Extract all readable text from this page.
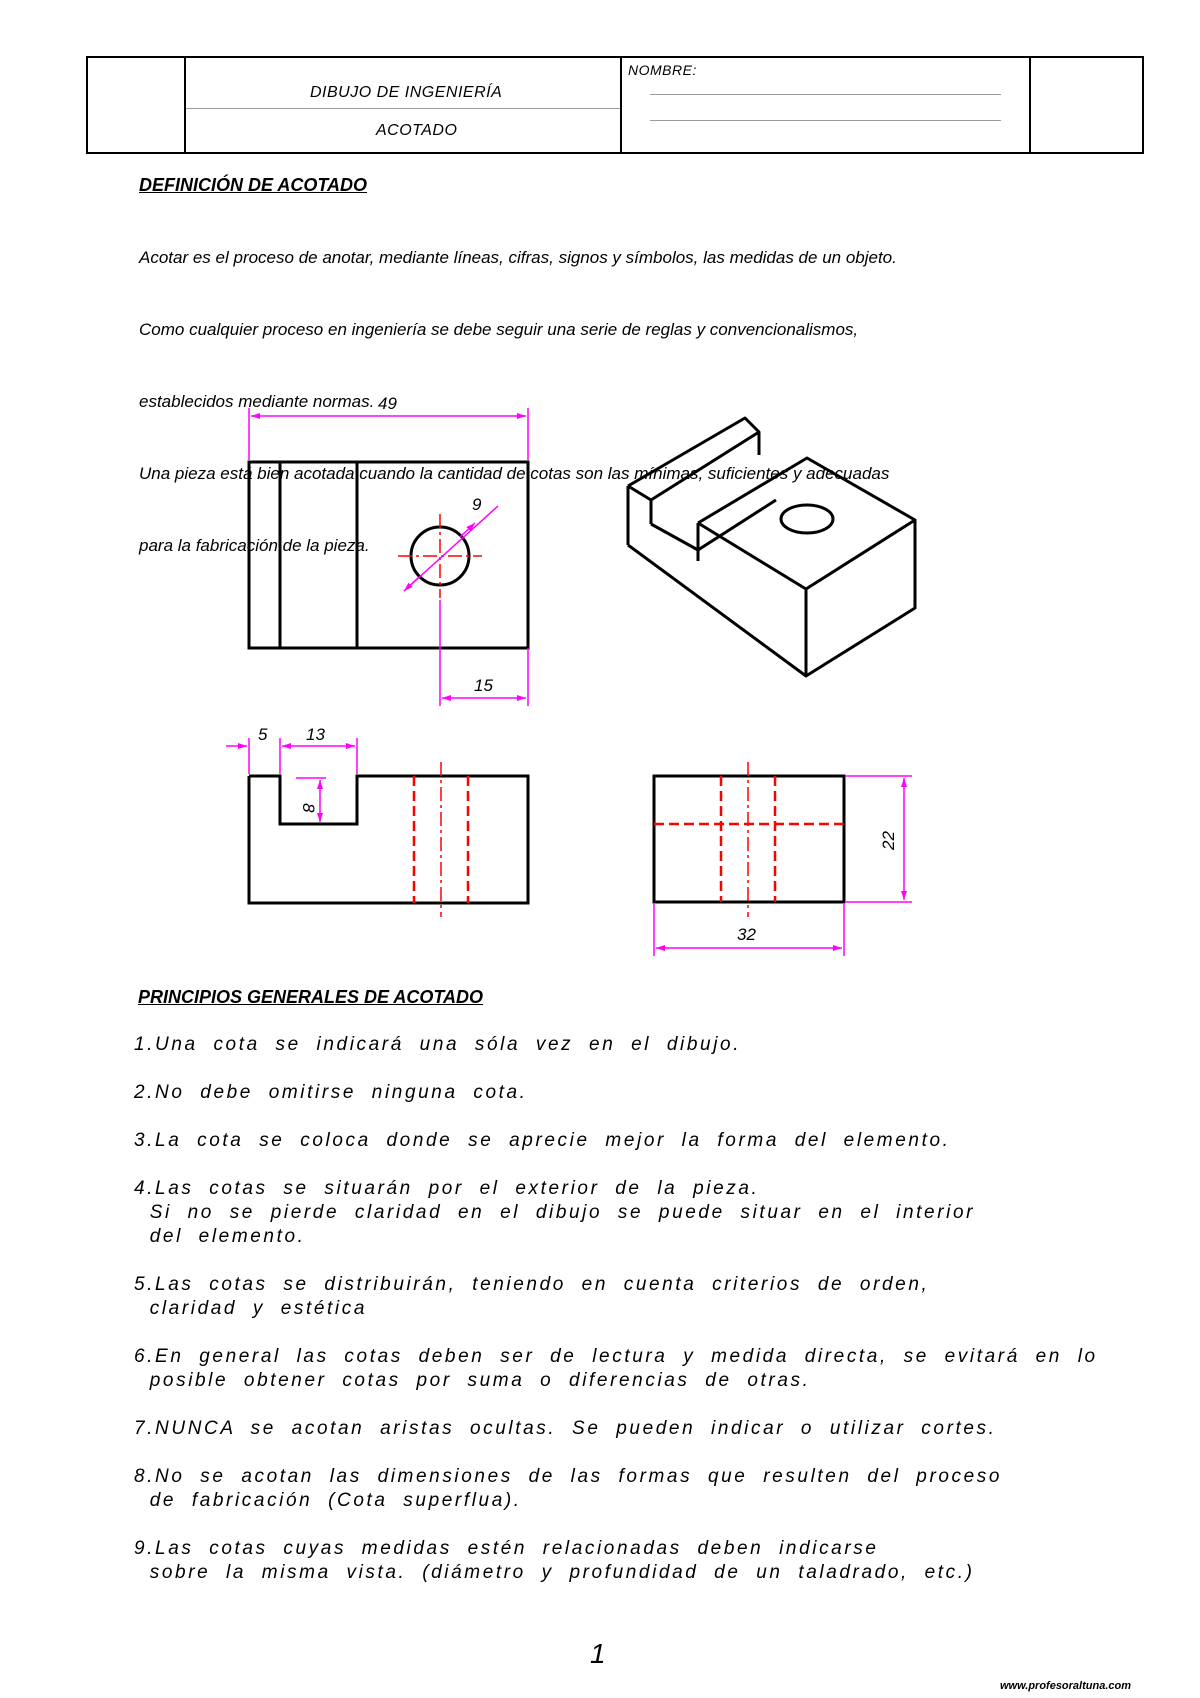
DIBUJO DE INGENIERÍA
ACOTADO
NOMBRE:
DEFINICIÓN DE ACOTADO

Acotar es el proceso de anotar, mediante líneas, cifras, signos y símbolos, las medidas de un objeto.

Como cualquier proceso en ingeniería se debe seguir una serie de reglas y convencionalismos,

establecidos mediante normas.

Una pieza está bien acotada cuando la cantidad de cotas son las mínimas, suficientes y adecuadas

para la fabricación de la pieza.

49
9
15
5 13
8
22
32
PRINCIPIOS GENERALES DE ACOTADO
1.Una  cota  se  indicará  una  sóla  vez  en  el  dibujo.
2.No  debe  omitirse  ninguna  cota.
3.La  cota  se  coloca  donde  se  aprecie  mejor  la  forma  del  elemento.
4.Las  cotas  se  situarán  por  el  exterior  de  la  pieza.
Si  no  se  pierde  claridad  en  el  dibujo  se  puede  situar  en  el  interior
del  elemento.
5.Las  cotas  se  distribuirán,  teniendo  en  cuenta  criterios  de  orden,
claridad  y  estética
6.En  general  las  cotas  deben  ser  de  lectura  y  medida  directa,  se  evitará  en  lo
posible  obtener  cotas  por  suma  o  diferencias  de  otras.
7.NUNCA  se  acotan  aristas  ocultas.  Se  pueden  indicar  o  utilizar  cortes.
8.No  se  acotan  las  dimensiones  de  las  formas  que  resulten  del  proceso
de  fabricación  (Cota  superflua).
9.Las  cotas  cuyas  medidas  estén  relacionadas  deben  indicarse
sobre  la  misma  vista.  (diámetro  y  profundidad  de  un  taladrado,  etc.)
1
www.profesoraltuna.com
